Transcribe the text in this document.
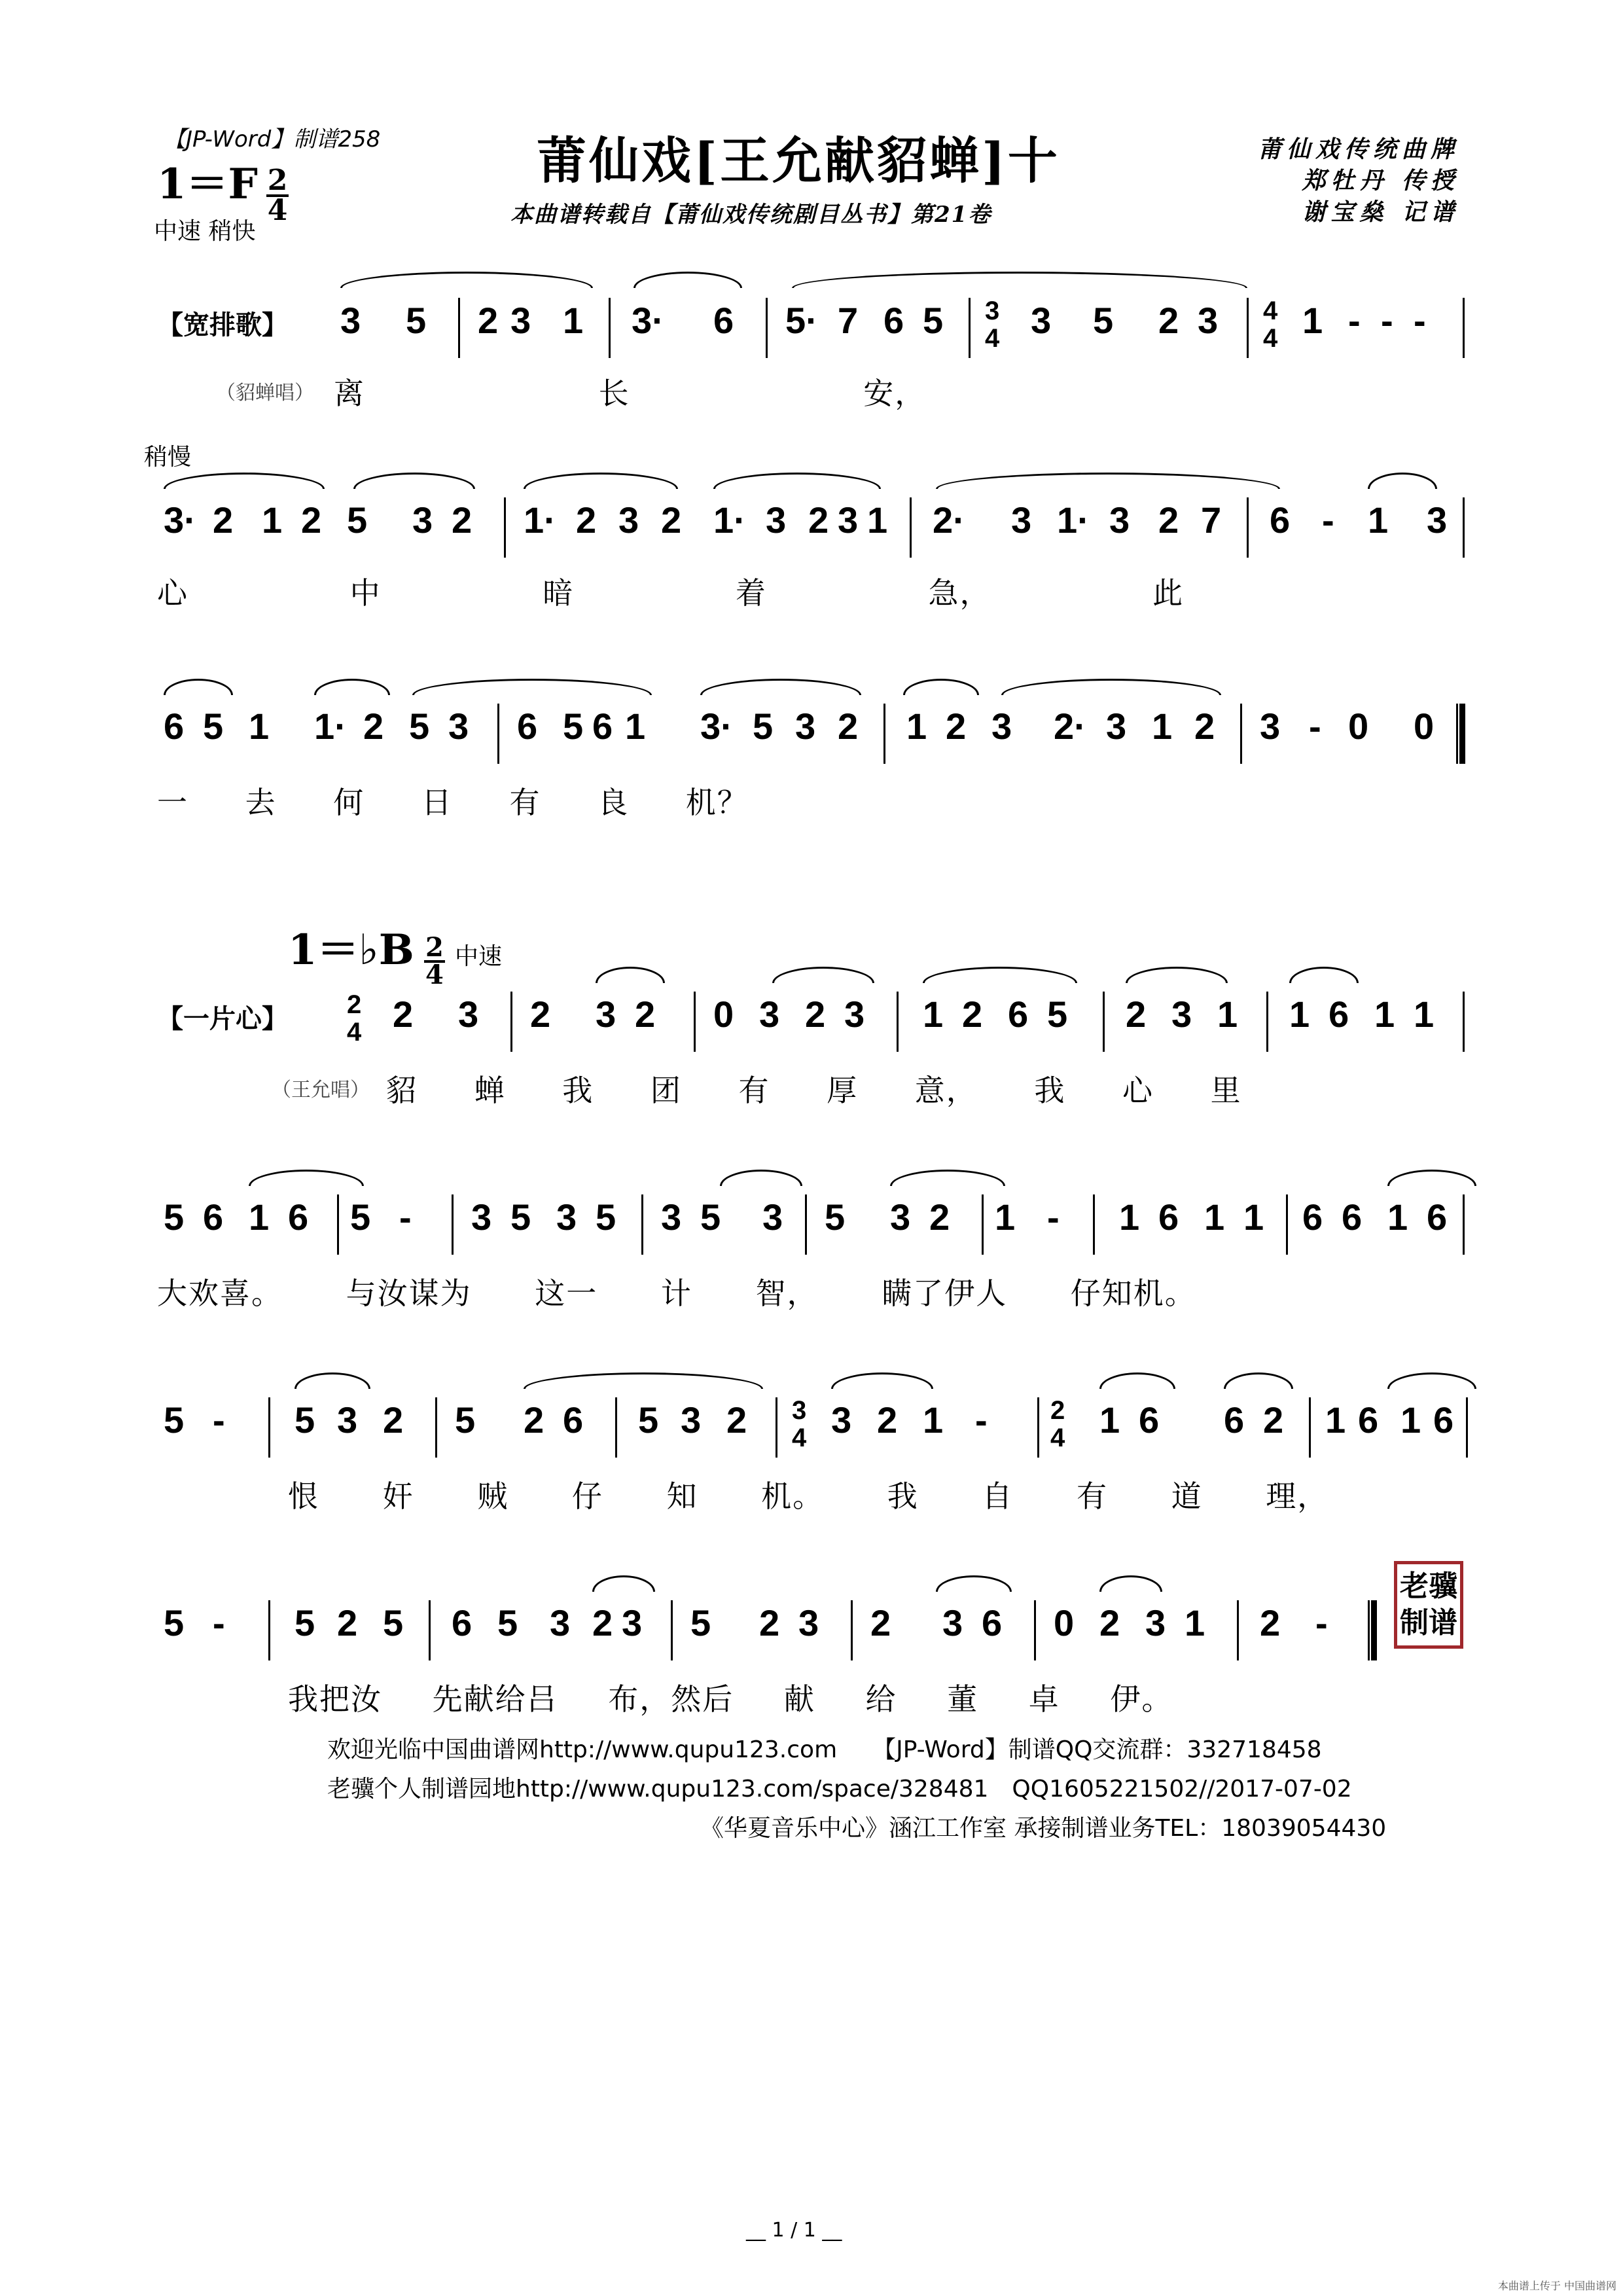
【JP-Word】制谱258	莆仙戏[王允献貂蝉]十
本曲谱转载自【莆仙戏传统剧目丛书】第21卷
莆仙戏传统曲牌
郑牡丹 传授
谢宝燊 记谱
$1=F \frac{2}{4}$
中速 稍快
【宽排歌】 3 5 2 3 1 3· 6 5· 7 6 5 3
4 3 5 2 3 4
4 1 - - -
（貂蝉唱） 离 长 安，
稍慢
3· 2 1 2 5 3 2 1· 2 3 2 1· 3 2 3 1 2· 3 1· 3 2 7 6 - 1 3
心 中 暗 着 急， 此
6 5 1 1· 2 5 3 6 5 6 1 3· 5 3 2 1 2 3 2· 3 1 2 3 - 0 0
一 去 何 日 有 良 机？
1＝♭B $\frac{2}{4}$ 中速
【一片心】 2
4 2 3 2 3 2 0 3 2 3 1 2 6 5 2 3 1 1 6 1 1
（王允唱） 貂 蝉 我 团 有 厚 意， 我 心 里
5 6 1 6 5 - 3 5 3 5 3 5 3 5 3 2 1 - 1 6 1 1 6 6 1 6
大欢喜。 与汝谋为 这一 计 智， 瞒了伊人 仔知机。
5 - 5 3 2 5 2 6 5 3 2 3
4 3 2 1 - 2
4 1 6 6 2 1 6 1 6
恨 奸 贼 仔 知 机。 我 自 有 道 理，
5 - 5 2 5 6 5 3 2 3 5 2 3 2 3 6 0 2 3 1 2 -
我把汝 先献给吕 布，然后 献 给 董 卓 伊。
老骥
制谱
欢迎光临中国曲谱网http://www.qupu123.com　　【JP-Word】制谱QQ交流群：332718458
老骥个人制谱园地http://www.qupu123.com/space/328481　QQ1605221502//2017-07-02
《华夏音乐中心》涵江工作室 承接制谱业务TEL：18039054430
__ 1 / 1 __
本曲谱上传于 中国曲谱网
